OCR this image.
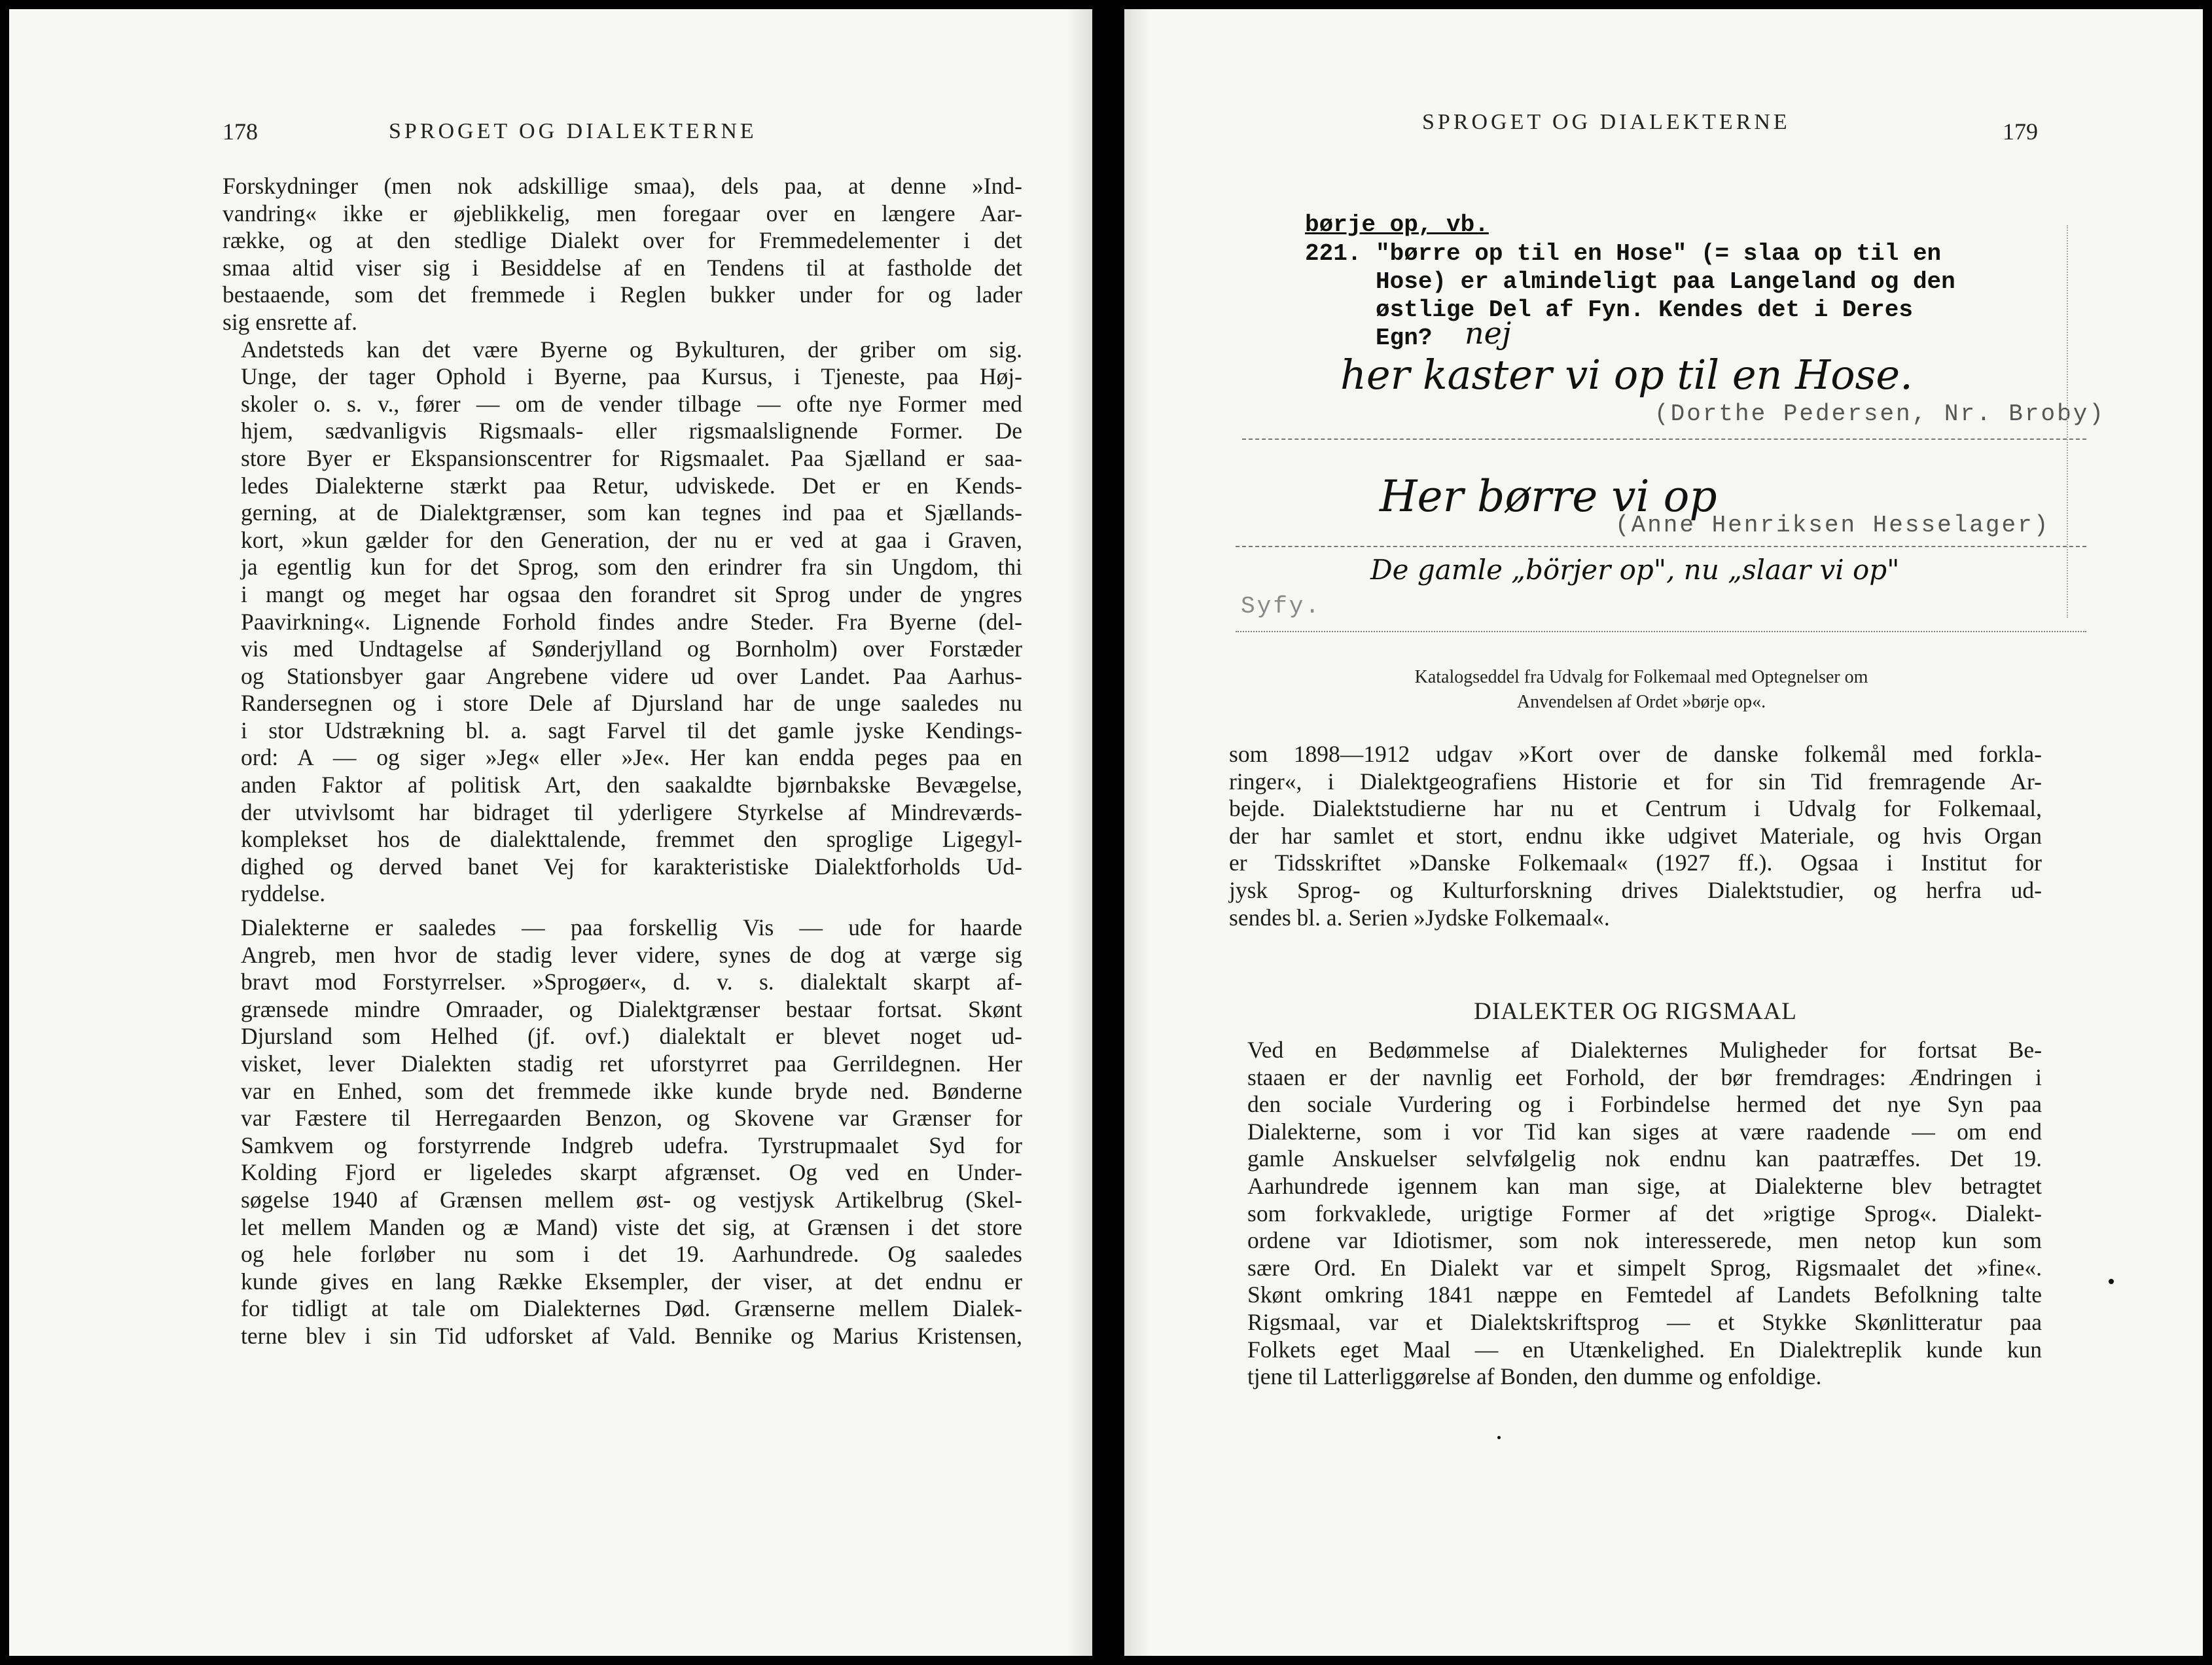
178	SPROGET OG DIALEKTERNE

Forskydninger (men nok adskillige smaa), dels paa, at denne »Ind-
vandring« ikke er øjeblikkelig, men foregaar over en længere Aar-
række, og at den stedlige Dialekt over for Fremmedelementer i det
smaa altid viser sig i Besiddelse af en Tendens til at fastholde det
bestaaende, som det fremmede i Reglen bukker under for og lader
sig ensrette af.

Andetsteds kan det være Byerne og Bykulturen, der griber om sig.
Unge, der tager Ophold i Byerne, paa Kursus, i Tjeneste, paa Høj-
skoler o. s. v., fører — om de vender tilbage — ofte nye Former med
hjem, sædvanligvis Rigsmaals- eller rigsmaalslignende Former. De
store Byer er Ekspansionscentrer for Rigsmaalet. Paa Sjælland er saa-
ledes Dialekterne stærkt paa Retur, udviskede. Det er en Kends-
gerning, at de Dialektgrænser, som kan tegnes ind paa et Sjællands-
kort, »kun gælder for den Generation, der nu er ved at gaa i Graven,
ja egentlig kun for det Sprog, som den erindrer fra sin Ungdom, thi
i mangt og meget har ogsaa den forandret sit Sprog under de yngres
Paavirkning«. Lignende Forhold findes andre Steder. Fra Byerne (del-
vis med Undtagelse af Sønderjylland og Bornholm) over Forstæder
og Stationsbyer gaar Angrebene videre ud over Landet. Paa Aarhus-
Randersegnen og i store Dele af Djursland har de unge saaledes nu
i stor Udstrækning bl. a. sagt Farvel til det gamle jyske Kendings-
ord: A — og siger »Jeg« eller »Je«. Her kan endda peges paa en
anden Faktor af politisk Art, den saakaldte bjørnbakske Bevægelse,
der utvivlsomt har bidraget til yderligere Styrkelse af Mindreværds-
komplekset hos de dialekttalende, fremmet den sproglige Ligegyl-
dighed og derved banet Vej for karakteristiske Dialektforholds Ud-
ryddelse.

Dialekterne er saaledes — paa forskellig Vis — ude for haarde
Angreb, men hvor de stadig lever videre, synes de dog at værge sig
bravt mod Forstyrrelser. »Sprogøer«, d. v. s. dialektalt skarpt af-
grænsede mindre Omraader, og Dialektgrænser bestaar fortsat. Skønt
Djursland som Helhed (jf. ovf.) dialektalt er blevet noget ud-
visket, lever Dialekten stadig ret uforstyrret paa Gerrildegnen. Her
var en Enhed, som det fremmede ikke kunde bryde ned. Bønderne
var Fæstere til Herregaarden Benzon, og Skovene var Grænser for
Samkvem og forstyrrende Indgreb udefra. Tyrstrupmaalet Syd for
Kolding Fjord er ligeledes skarpt afgrænset. Og ved en Under-
søgelse 1940 af Grænsen mellem øst- og vestjysk Artikelbrug (Skel-
let mellem Manden og æ Mand) viste det sig, at Grænsen i det store
og hele forløber nu som i det 19. Aarhundrede. Og saaledes
kunde gives en lang Række Eksempler, der viser, at det endnu er
for tidligt at tale om Dialekternes Død. Grænserne mellem Dialek-
terne blev i sin Tid udforsket af Vald. Bennike og Marius Kristensen,

SPROGET OG DIALEKTERNE	179
børje op, vb.
221. "børre op til en Hose" (= slaa op til en
Hose) er almindeligt paa Langeland og den
østlige Del af Fyn. Kendes det i Deres
Egn? nej
her kaster vi op til en Hose.
(Dorthe Pedersen, Nr. Broby)
Her børre vi op
(Anne Henriksen Hesselager)
De gamle „börjer op", nu „slaar vi op"
Syfy.
Katalogseddel fra Udvalg for Folkemaal med Optegnelser om
Anvendelsen af Ordet »børje op«.

som 1898—1912 udgav »Kort over de danske folkemål med forkla-
ringer«, i Dialektgeografiens Historie et for sin Tid fremragende Ar-
bejde. Dialektstudierne har nu et Centrum i Udvalg for Folkemaal,
der har samlet et stort, endnu ikke udgivet Materiale, og hvis Organ
er Tidsskriftet »Danske Folkemaal« (1927 ff.). Ogsaa i Institut for
jysk Sprog- og Kulturforskning drives Dialektstudier, og herfra ud-
sendes bl. a. Serien »Jydske Folkemaal«.

DIALEKTER OG RIGSMAAL

Ved en Bedømmelse af Dialekternes Muligheder for fortsat Be-
staaen er der navnlig eet Forhold, der bør fremdrages: Ændringen i
den sociale Vurdering og i Forbindelse hermed det nye Syn paa
Dialekterne, som i vor Tid kan siges at være raadende — om end
gamle Anskuelser selvfølgelig nok endnu kan paatræffes. Det 19.
Aarhundrede igennem kan man sige, at Dialekterne blev betragtet
som forkvaklede, urigtige Former af det »rigtige Sprog«. Dialekt-
ordene var Idiotismer, som nok interesserede, men netop kun som
sære Ord. En Dialekt var et simpelt Sprog, Rigsmaalet det »fine«.
Skønt omkring 1841 næppe en Femtedel af Landets Befolkning talte
Rigsmaal, var et Dialektskriftsprog — et Stykke Skønlitteratur paa
Folkets eget Maal — en Utænkelighed. En Dialektreplik kunde kun
tjene til Latterliggørelse af Bonden, den dumme og enfoldige.
